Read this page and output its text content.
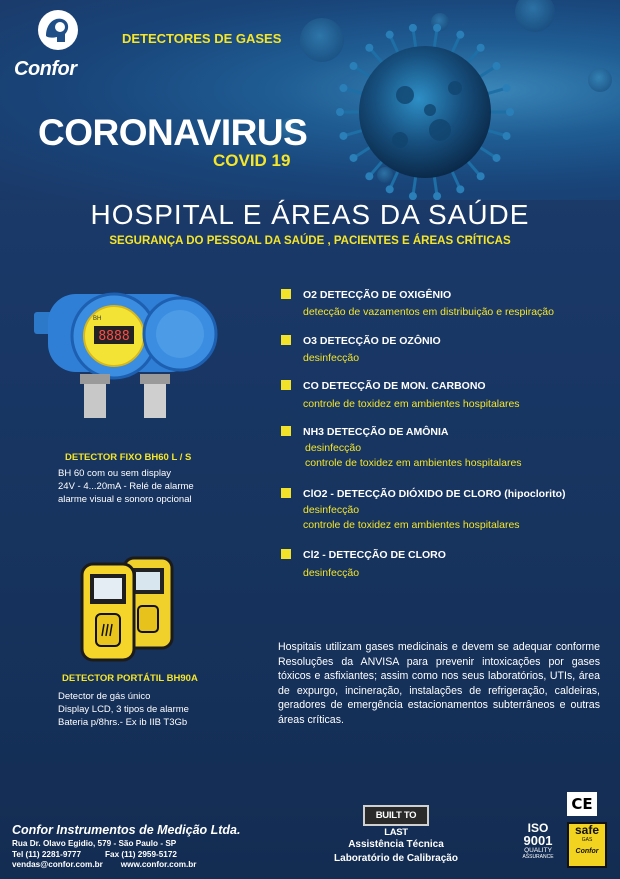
Confor
DETECTORES DE GASES
CORONAVIRUS
COVID 19
HOSPITAL E ÁREAS DA SAÚDE
SEGURANÇA DO PESSOAL DA SAÚDE , PACIENTES E ÁREAS CRÍTICAS
8888
BH
DETECTOR FIXO BH60 L / S
BH 60 com ou sem display
24V - 4...20mA - Relé de alarme
alarme visual e sonoro opcional
DETECTOR PORTÁTIL BH90A
Detector de gás único
Display LCD, 3 tipos de alarme
Bateria p/8hrs.- Ex ib IIB T3Gb
O2 DETECÇÃO DE OXIGÊNIO
detecção de vazamentos em distribuição e respiração
O3 DETECÇÃO DE OZÔNIO
desinfecção
CO DETECÇÃO DE MON. CARBONO
controle de toxidez em ambientes hospitalares
NH3 DETECÇÃO DE AMÔNIA
desinfecção
controle de toxidez em ambientes hospitalares
ClO2 - DETECÇÃO DIÓXIDO DE CLORO (hipoclorito)
desinfecção
controle de toxidez em ambientes hospitalares
Cl2 - DETECÇÃO DE CLORO
desinfecção
Hospitais utilizam gases medicinais e devem se adequar conforme Resoluções da ANVISA para prevenir intoxicações por gases tóxicos e asfixiantes; assim como nos seus laboratórios, UTIs, área de expurgo, incineração, instalações de refrigeração, caldeiras, geradores de emergência estacionamentos subterrâneos e outras áreas críticas.
Confor Instrumentos de Medição Ltda.
Rua Dr. Olavo Egidio, 579 - São Paulo - SP
Tel (11) 2281-9777	Fax (11) 2959-5172
vendas@confor.com.br www.confor.com.br
BUILT TO LAST
Assistência Técnica
Laboratório de Calibração
ISO
9001
QUALITY
ASSURANCE
CE
safe
GAS
Confor
